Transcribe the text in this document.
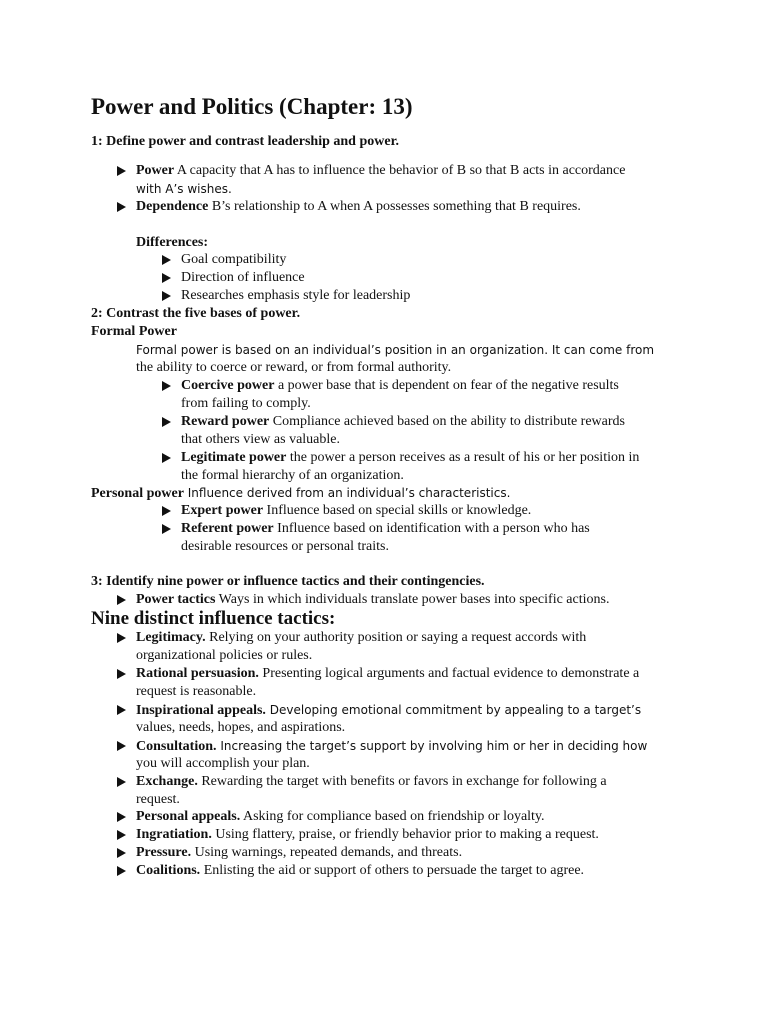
Power and Politics (Chapter: 13)
1: Define power and contrast leadership and power.
Power A capacity that A has to influence the behavior of B so that B acts in accordance
with A’s wishes.
Dependence B’s relationship to A when A possesses something that B requires.
Differences:
Goal compatibility
Direction of influence
Researches emphasis style for leadership
2: Contrast the five bases of power.
Formal Power
Formal power is based on an individual’s position in an organization. It can come from
the ability to coerce or reward, or from formal authority.
Coercive power a power base that is dependent on fear of the negative results
from failing to comply.
Reward power Compliance achieved based on the ability to distribute rewards
that others view as valuable.
Legitimate power the power a person receives as a result of his or her position in
the formal hierarchy of an organization.
Personal power Influence derived from an individual’s characteristics.
Expert power Influence based on special skills or knowledge.
Referent power Influence based on identification with a person who has
desirable resources or personal traits.
3: Identify nine power or influence tactics and their contingencies.
Power tactics Ways in which individuals translate power bases into specific actions.
Nine distinct influence tactics:
Legitimacy. Relying on your authority position or saying a request accords with
organizational policies or rules.
Rational persuasion. Presenting logical arguments and factual evidence to demonstrate a
request is reasonable.
Inspirational appeals. Developing emotional commitment by appealing to a target’s
values, needs, hopes, and aspirations.
Consultation. Increasing the target’s support by involving him or her in deciding how
you will accomplish your plan.
Exchange. Rewarding the target with benefits or favors in exchange for following a
request.
Personal appeals. Asking for compliance based on friendship or loyalty.
Ingratiation. Using flattery, praise, or friendly behavior prior to making a request.
Pressure. Using warnings, repeated demands, and threats.
Coalitions. Enlisting the aid or support of others to persuade the target to agree.
